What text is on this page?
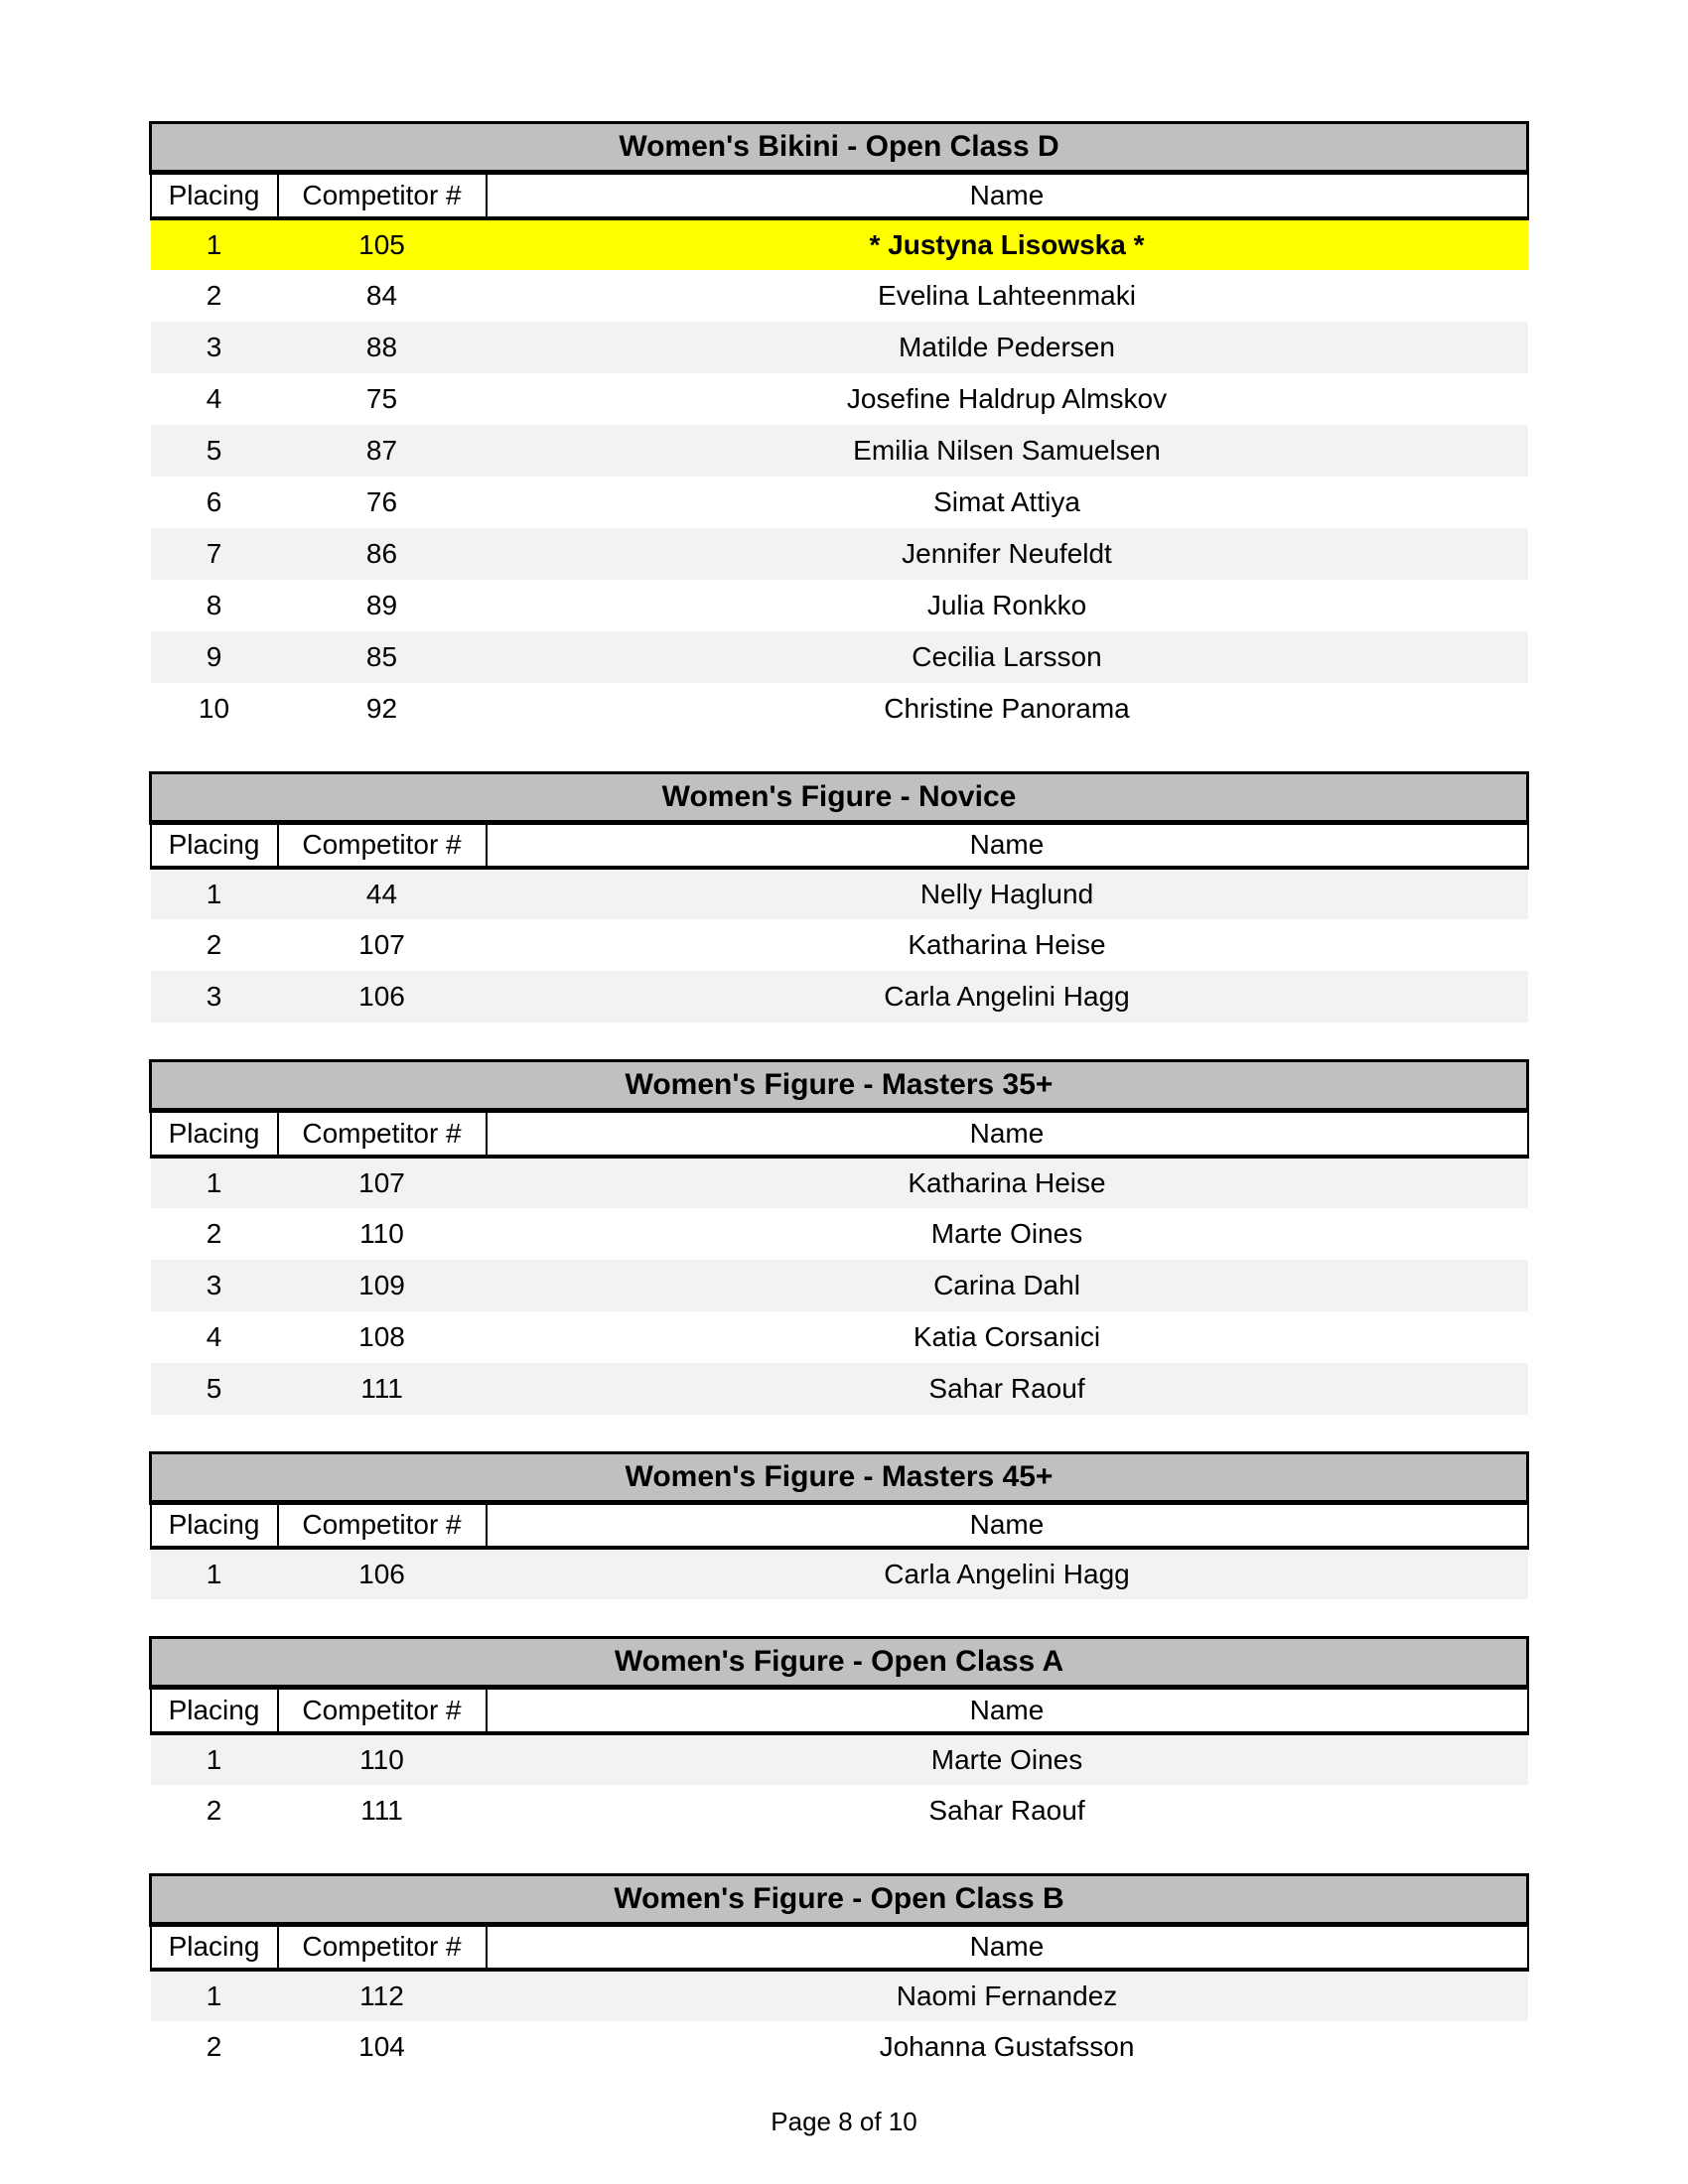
Women's Bikini - Open Class D		
Placing	Competitor #	Name
1	105	* Justyna Lisowska *
2	84	Evelina Lahteenmaki
3	88	Matilde Pedersen
4	75	Josefine Haldrup Almskov
5	87	Emilia Nilsen Samuelsen
6	76	Simat Attiya
7	86	Jennifer Neufeldt
8	89	Julia Ronkko
9	85	Cecilia Larsson
10	92	Christine Panorama
Women's Figure - Novice		
Placing	Competitor #	Name
1	44	Nelly Haglund
2	107	Katharina Heise
3	106	Carla Angelini Hagg
Women's Figure - Masters 35+		
Placing	Competitor #	Name
1	107	Katharina Heise
2	110	Marte Oines
3	109	Carina Dahl
4	108	Katia Corsanici
5	111	Sahar Raouf
Women's Figure - Masters 45+		
Placing	Competitor #	Name
1	106	Carla Angelini Hagg
Women's Figure - Open Class A		
Placing	Competitor #	Name
1	110	Marte Oines
2	111	Sahar Raouf
Women's Figure - Open Class B		
Placing	Competitor #	Name
1	112	Naomi Fernandez
2	104	Johanna Gustafsson
Page 8 of 10
